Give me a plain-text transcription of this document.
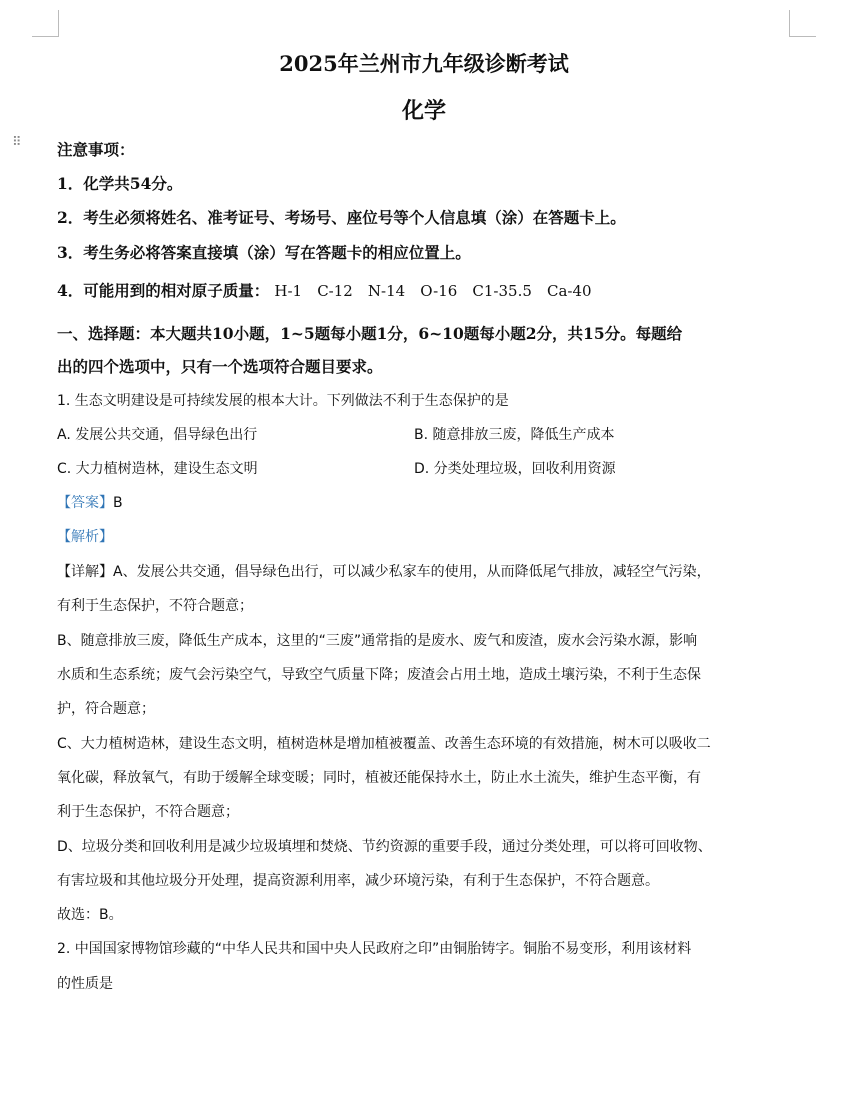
⠿
2025年兰州市九年级诊断考试
化学
注意事项：
1．化学共54分。
2．考生必须将姓名、准考证号、考场号、座位号等个人信息填（涂）在答题卡上。
3．考生务必将答案直接填（涂）写在答题卡的相应位置上。
4．可能用到的相对原子质量： H-1 C-12 N-14 O-16 C1-35.5 Ca-40
一、选择题：本大题共10小题，1~5题每小题1分，6~10题每小题2分，共15分。每题给
出的四个选项中，只有一个选项符合题目要求。
1. 生态文明建设是可持续发展的根本大计。下列做法不利于生态保护的是
A. 发展公共交通，倡导绿色出行	B. 随意排放三废，降低生产成本
C. 大力植树造林，建设生态文明	D. 分类处理垃圾，回收利用资源
【答案】B
【解析】
【详解】A、发展公共交通，倡导绿色出行，可以减少私家车的使用，从而降低尾气排放，减轻空气污染，
有利于生态保护，不符合题意；
B、随意排放三废，降低生产成本，这里的“三废”通常指的是废水、废气和废渣，废水会污染水源，影响
水质和生态系统；废气会污染空气，导致空气质量下降；废渣会占用土地，造成土壤污染，不利于生态保
护，符合题意；
C、大力植树造林，建设生态文明，植树造林是增加植被覆盖、改善生态环境的有效措施，树木可以吸收二
氧化碳，释放氧气，有助于缓解全球变暖；同时，植被还能保持水土，防止水土流失，维护生态平衡，有
利于生态保护，不符合题意；
D、垃圾分类和回收利用是减少垃圾填埋和焚烧、节约资源的重要手段，通过分类处理，可以将可回收物、
有害垃圾和其他垃圾分开处理，提高资源利用率，减少环境污染，有利于生态保护，不符合题意。
故选：B。
2. 中国国家博物馆珍藏的“中华人民共和国中央人民政府之印”由铜胎铸字。铜胎不易变形，利用该材料
的性质是
